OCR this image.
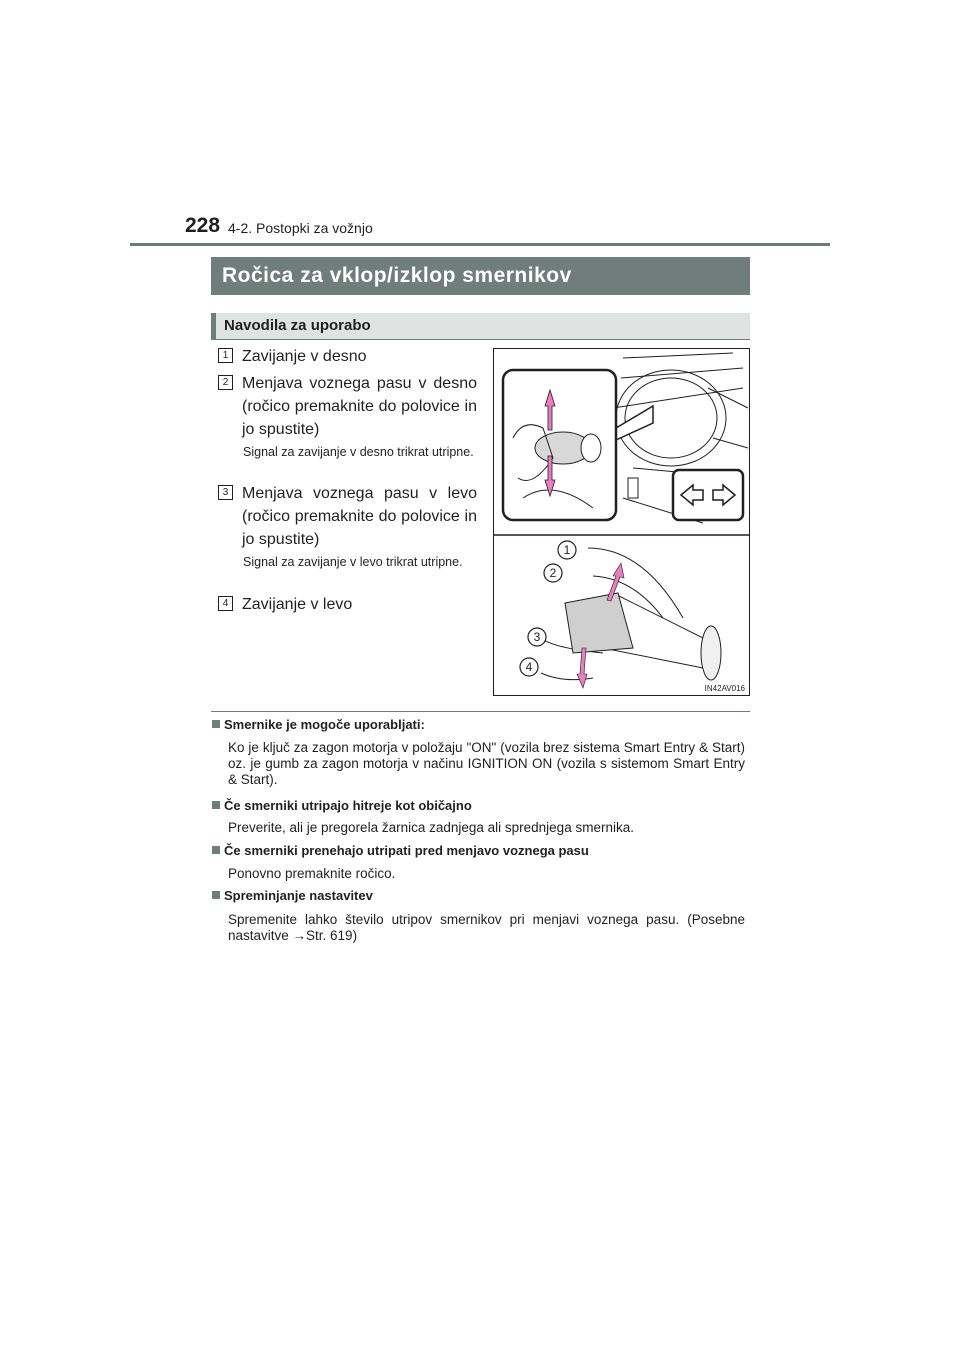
228 4-2. Postopki za vožnjo
Ročica za vklop/izklop smernikov
Navodila za uporabo
1 Zavijanje v desno
2 Menjava voznega pasu v desno (ročico premaknite do polovice in jo spustite)
Signal za zavijanje v desno trikrat utripne.
3 Menjava voznega pasu v levo (ročico premaknite do polovice in jo spustite)
Signal za zavijanje v levo trikrat utripne.
4 Zavijanje v levo
1
2
3
4
IN42AV016
Smernike je mogoče uporabljati:
Ko je ključ za zagon motorja v položaju "ON" (vozila brez sistema Smart Entry & Start) oz. je gumb za zagon motorja v načinu IGNITION ON (vozila s sistemom Smart Entry & Start).
Če smerniki utripajo hitreje kot običajno
Preverite, ali je pregorela žarnica zadnjega ali sprednjega smernika.
Če smerniki prenehajo utripati pred menjavo voznega pasu
Ponovno premaknite ročico.
Spreminjanje nastavitev
Spremenite lahko število utripov smernikov pri menjavi voznega pasu. (Posebne nastavitve →Str. 619)
